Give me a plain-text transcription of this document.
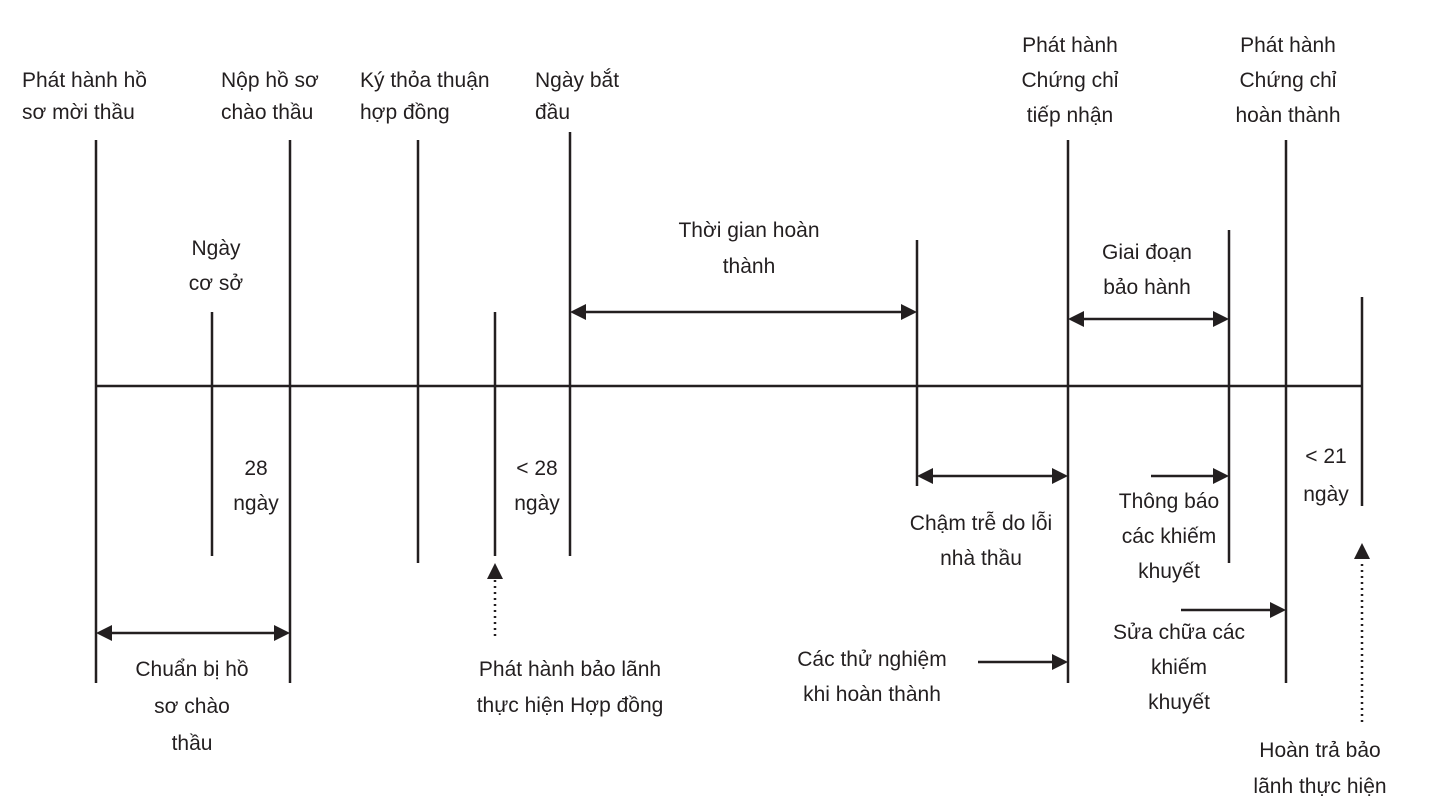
Phát hành hồ sơ mời thầu
Nộp hồ sơ chào thầu
Ký thỏa thuận hợp đồng
Ngày bắt đầu
Phát hành Chứng chỉ tiếp nhận
Phát hành Chứng chỉ hoàn thành
Ngày cơ sở
Thời gian hoàn thành
Giai đoạn bảo hành
28 ngày
< 28 ngày
< 21 ngày
Chậm trễ do lỗi nhà thầu
Thông báo các khiếm khuyết
Sửa chữa các khiếm khuyết
Chuẩn bị hồ sơ chào thầu
Phát hành bảo lãnh thực hiện Hợp đồng
Các thử nghiệm khi hoàn thành
Hoàn trả bảo lãnh thực hiện
